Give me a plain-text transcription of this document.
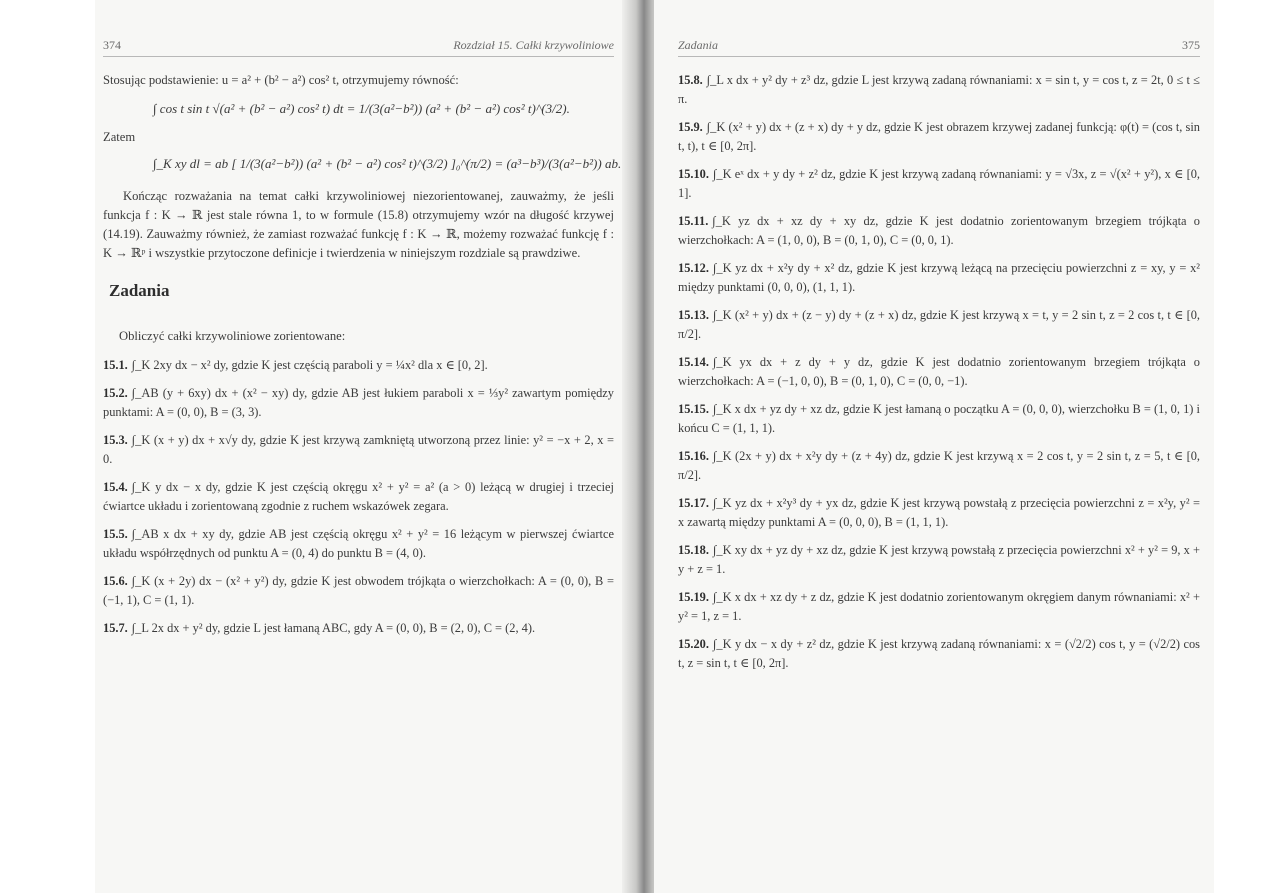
374	Rozdział 15. Całki krzywoliniowe

Stosując podstawienie: u = a² + (b² − a²) cos² t, otrzymujemy równość:

∫ cos t sin t √(a² + (b² − a²) cos² t) dt = 1/(3(a²−b²)) (a² + (b² − a²) cos² t)^(3/2).
Zatem
∫_K xy dl = ab [ 1/(3(a²−b²)) (a² + (b² − a²) cos² t)^(3/2) ]₀^(π/2) = (a³−b³)/(3(a²−b²)) ab.

Kończąc rozważania na temat całki krzywoliniowej niezorientowanej, zauważmy, że jeśli funkcja f : K → ℝ jest stale równa 1, to w formule (15.8) otrzymujemy wzór na długość krzywej (14.19). Zauważmy również, że zamiast rozważać funkcję f : K → ℝ, możemy rozważać funkcję f : K → ℝᵖ i wszystkie przytoczone definicje i twierdzenia w niniejszym rozdziale są prawdziwe.

Zadania

Obliczyć całki krzywoliniowe zorientowane:

15.1. ∫_K 2xy dx − x² dy, gdzie K jest częścią paraboli y = ¼x² dla x ∈ [0, 2].

15.2. ∫_AB (y + 6xy) dx + (x² − xy) dy, gdzie AB jest łukiem paraboli x = ⅓y² zawartym pomiędzy punktami: A = (0, 0), B = (3, 3).

15.3. ∫_K (x + y) dx + x√y dy, gdzie K jest krzywą zamkniętą utworzoną przez linie: y² = −x + 2, x = 0.

15.4. ∫_K y dx − x dy, gdzie K jest częścią okręgu x² + y² = a² (a > 0) leżącą w drugiej i trzeciej ćwiartce układu i zorientowaną zgodnie z ruchem wskazówek zegara.

15.5. ∫_AB x dx + xy dy, gdzie AB jest częścią okręgu x² + y² = 16 leżącym w pierwszej ćwiartce układu współrzędnych od punktu A = (0, 4) do punktu B = (4, 0).

15.6. ∫_K (x + 2y) dx − (x² + y²) dy, gdzie K jest obwodem trójkąta o wierzchołkach: A = (0, 0), B = (−1, 1), C = (1, 1).

15.7. ∫_L 2x dx + y² dy, gdzie L jest łamaną ABC, gdy A = (0, 0), B = (2, 0), C = (2, 4).

Zadania	375

15.8. ∫_L x dx + y² dy + z³ dz, gdzie L jest krzywą zadaną równaniami: x = sin t, y = cos t, z = 2t, 0 ≤ t ≤ π.

15.9. ∫_K (x² + y) dx + (z + x) dy + y dz, gdzie K jest obrazem krzywej zadanej funkcją: φ(t) = (cos t, sin t, t), t ∈ [0, 2π].

15.10. ∫_K eˣ dx + y dy + z² dz, gdzie K jest krzywą zadaną równaniami: y = √3x, z = √(x² + y²), x ∈ [0, 1].

15.11. ∫_K yz dx + xz dy + xy dz, gdzie K jest dodatnio zorientowanym brzegiem trójkąta o wierzchołkach: A = (1, 0, 0), B = (0, 1, 0), C = (0, 0, 1).

15.12. ∫_K yz dx + x²y dy + x² dz, gdzie K jest krzywą leżącą na przecięciu powierzchni z = xy, y = x² między punktami (0, 0, 0), (1, 1, 1).

15.13. ∫_K (x² + y) dx + (z − y) dy + (z + x) dz, gdzie K jest krzywą x = t, y = 2 sin t, z = 2 cos t, t ∈ [0, π/2].

15.14. ∫_K yx dx + z dy + y dz, gdzie K jest dodatnio zorientowanym brzegiem trójkąta o wierzchołkach: A = (−1, 0, 0), B = (0, 1, 0), C = (0, 0, −1).

15.15. ∫_K x dx + yz dy + xz dz, gdzie K jest łamaną o początku A = (0, 0, 0), wierzchołku B = (1, 0, 1) i końcu C = (1, 1, 1).

15.16. ∫_K (2x + y) dx + x²y dy + (z + 4y) dz, gdzie K jest krzywą x = 2 cos t, y = 2 sin t, z = 5, t ∈ [0, π/2].

15.17. ∫_K yz dx + x²y³ dy + yx dz, gdzie K jest krzywą powstałą z przecięcia powierzchni z = x²y, y² = x zawartą między punktami A = (0, 0, 0), B = (1, 1, 1).

15.18. ∫_K xy dx + yz dy + xz dz, gdzie K jest krzywą powstałą z przecięcia powierzchni x² + y² = 9, x + y + z = 1.

15.19. ∫_K x dx + xz dy + z dz, gdzie K jest dodatnio zorientowanym okręgiem danym równaniami: x² + y² = 1, z = 1.

15.20. ∫_K y dx − x dy + z² dz, gdzie K jest krzywą zadaną równaniami: x = (√2/2) cos t, y = (√2/2) cos t, z = sin t, t ∈ [0, 2π].
